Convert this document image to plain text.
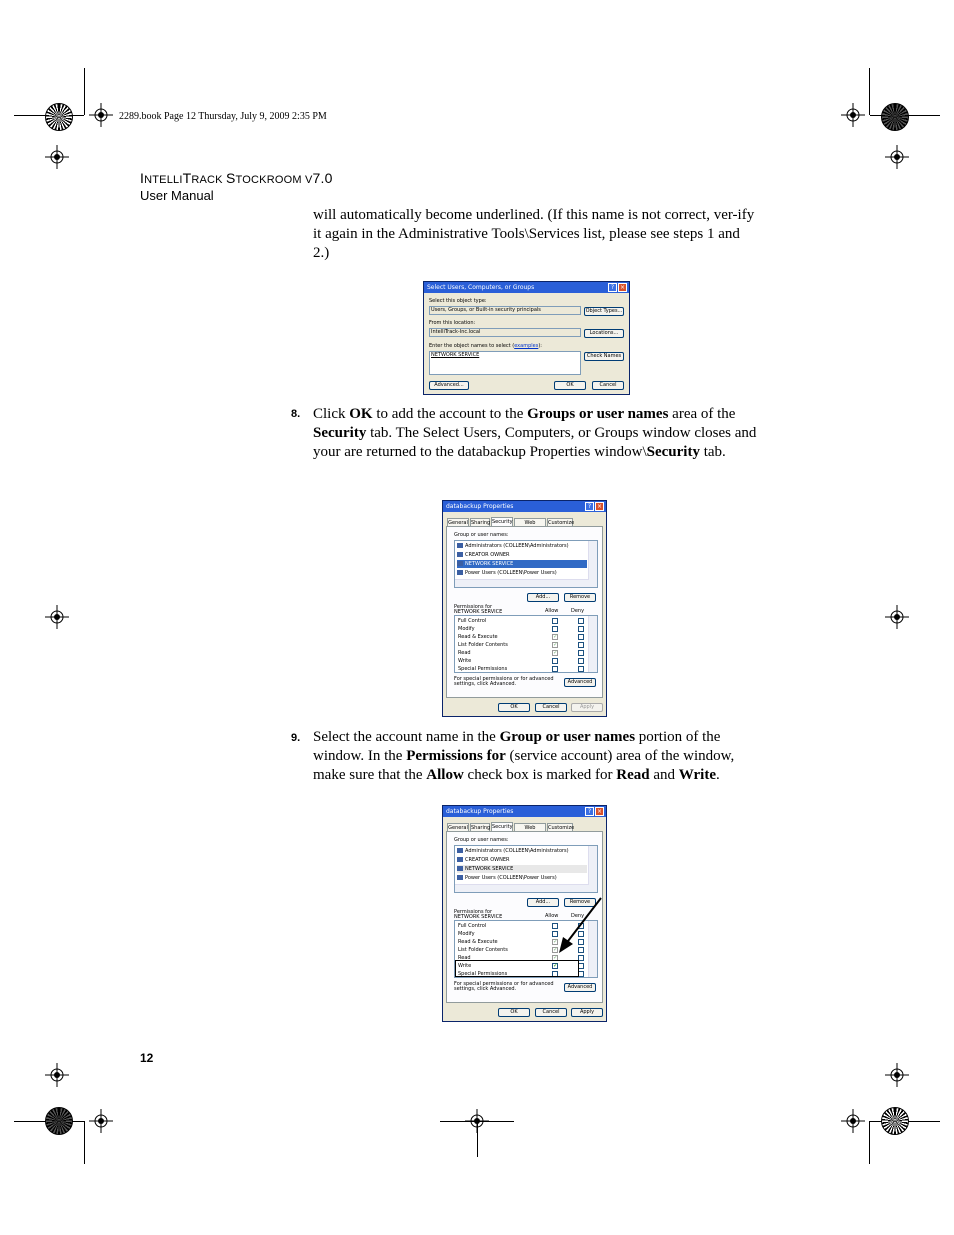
2289.book Page 12 Thursday, July 9, 2009 2:35 PM
INTELLITRACK STOCKROOM V7.0
User Manual
will automatically become underlined. (If this name is not correct, ver-ify it again in the Administrative Tools\Services list, please see steps 1 and 2.)
Select Users, Computers, or Groups	? ×
Select this object type:
Users, Groups, or Built-in security principals	Object Types...
From this location:
IntelliTrack-Inc.local	Locations...
Enter the object names to select (examples):
NETWORK SERVICE	Check Names
Advanced...	OK	Cancel
8. Click OK to add the account to the Groups or user names area of the Security tab. The Select Users, Computers, or Groups window closes and your are returned to the databackup Properties window\Security tab.
databackup Properties	? ×
General Sharing Security	Web	Customize
Group or user names:
Administrators (COLLEEN\Administrators)
CREATOR OWNER
NETWORK SERVICE
Power Users (COLLEEN\Power Users)
Add...	Remove
Permissions for NETWORK SERVICE	Allow	Deny
Full Control
Modify
Read & Execute	✓
List Folder Contents	✓
Read	✓
Write
Special Permissions
For special permissions or for advanced settings, click Advanced.	Advanced
OK	Cancel	Apply
9. Select the account name in the Group or user names portion of the window. In the Permissions for (service account) area of the window, make sure that the Allow check box is marked for Read and Write.
databackup Properties	? ×
General Sharing Security	Web	Customize
Group or user names:
Administrators (COLLEEN\Administrators)
CREATOR OWNER
NETWORK SERVICE
Power Users (COLLEEN\Power Users)
Add...	Remove
Permissions for NETWORK SERVICE	Allow	Deny
Full Control
Modify
Read & Execute	✓
List Folder Contents	✓
Read	✓
Write	✓
Special Permissions
For special permissions or for advanced settings, click Advanced.	Advanced
OK	Cancel	Apply
12
